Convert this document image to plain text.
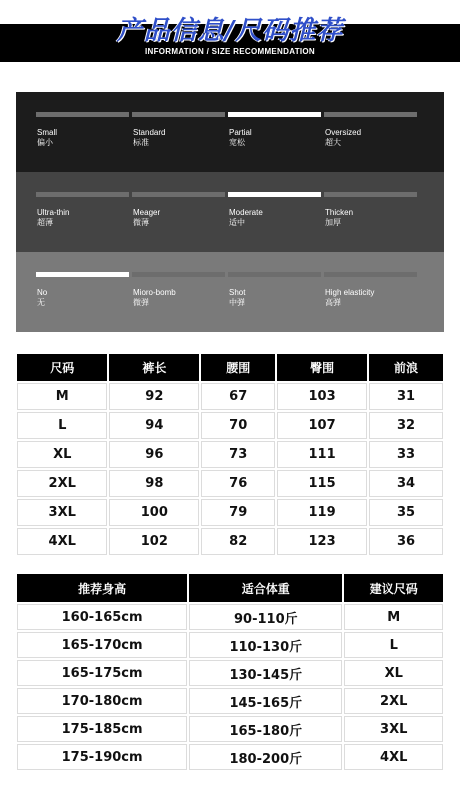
产品信息/尺码推荐
INFORMATION / SIZE RECOMMENDATION
Small
偏小
Standard
标准
Partial
宽松
Oversized
超大
Ultra-thin
超薄
Meager
微薄
Moderate
适中
Thicken
加厚
No
无
Mioro-bomb
微弹
Shot
中弹
High elasticity
高弹
尺码	裤长	腰围	臀围	前浪
M	92	67	103	31
L	94	70	107	32
XL	96	73	111	33
2XL	98	76	115	34
3XL	100	79	119	35
4XL	102	82	123	36
推荐身高	适合体重	建议尺码
160-165cm	90-110斤	M
165-170cm	110-130斤	L
165-175cm	130-145斤	XL
170-180cm	145-165斤	2XL
175-185cm	165-180斤	3XL
175-190cm	180-200斤	4XL
